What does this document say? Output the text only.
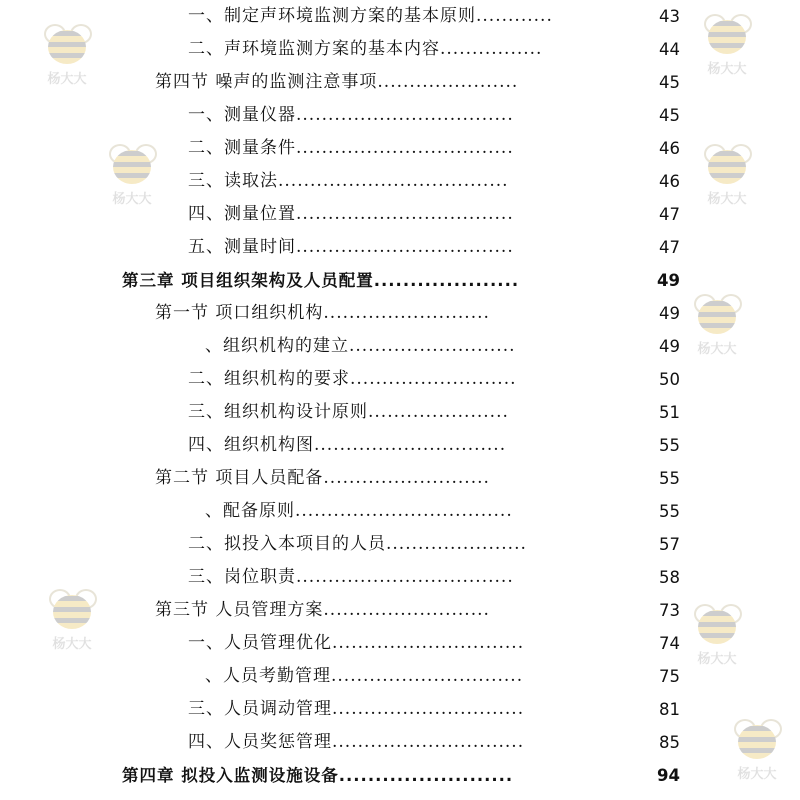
一、制定声环境监测方案的基本原则............	43
二、声环境监测方案的基本内容................	44
第四节 噪声的监测注意事项......................	45
一、测量仪器..................................	45
二、测量条件..................................	46
三、读取法....................................	46
四、测量位置..................................	47
五、测量时间..................................	47
第三章 项目组织架构及人员配置....................	49
第一节 项口组织机构..........................	49
、组织机构的建立..........................	49
二、组织机构的要求..........................	50
三、组织机构设计原则......................	51
四、组织机构图..............................	55
第二节 项目人员配备..........................	55
、配备原则..................................	55
二、拟投入本项目的人员......................	57
三、岗位职责..................................	58
第三节 人员管理方案..........................	73
一、人员管理优化..............................	74
、人员考勤管理..............................	75
三、人员调动管理..............................	81
四、人员奖惩管理..............................	85
第四章 拟投入监测设施设备........................	94
杨大大
杨大大
杨大大	杨大大
杨大大
杨大大
杨大大
杨大大
